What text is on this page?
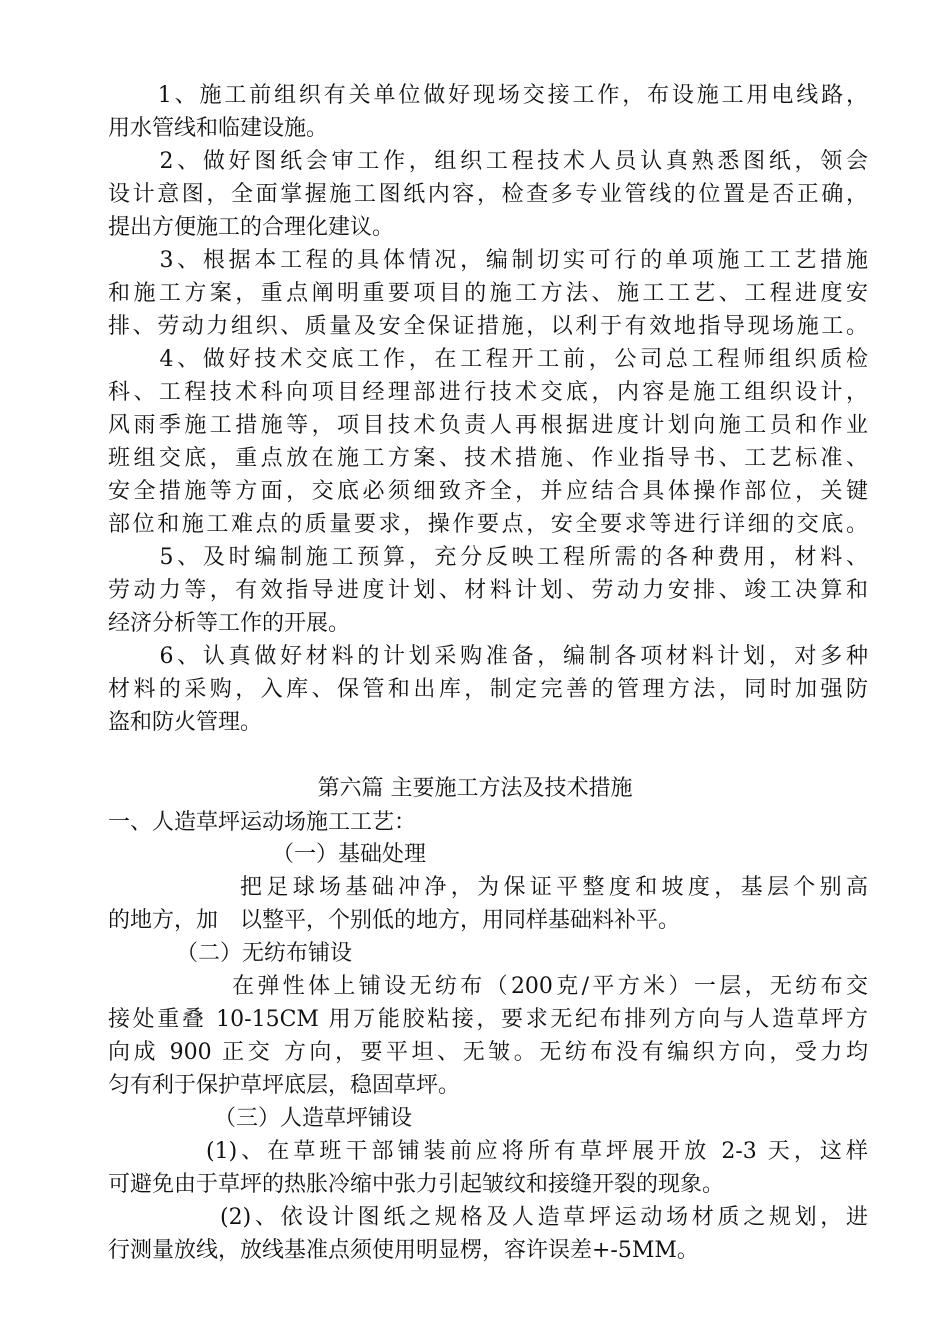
　　1、施工前组织有关单位做好现场交接工作，布设施工用电线路，
用水管线和临建设施。
　　2、做好图纸会审工作，组织工程技术人员认真熟悉图纸，领会
设计意图，全面掌握施工图纸内容，检查多专业管线的位置是否正确，
提出方便施工的合理化建议。
　　3、根据本工程的具体情况，编制切实可行的单项施工工艺措施
和施工方案，重点阐明重要项目的施工方法、施工工艺、工程进度安
排、劳动力组织、质量及安全保证措施，以利于有效地指导现场施工。
　　4、做好技术交底工作，在工程开工前，公司总工程师组织质检
科、工程技术科向项目经理部进行技术交底，内容是施工组织设计，
风雨季施工措施等，项目技术负责人再根据进度计划向施工员和作业
班组交底，重点放在施工方案、技术措施、作业指导书、工艺标准、
安全措施等方面，交底必须细致齐全，并应结合具体操作部位，关键
部位和施工难点的质量要求，操作要点，安全要求等进行详细的交底。
　　5、及时编制施工预算，充分反映工程所需的各种费用，材料、
劳动力等，有效指导进度计划、材料计划、劳动力安排、竣工决算和
经济分析等工作的开展。
　　6、认真做好材料的计划采购准备，编制各项材料计划，对多种
材料的采购，入库、保管和出库，制定完善的管理方法，同时加强防
盗和防火管理。
第六篇 主要施工方法及技术措施
一、人造草坪运动场施工工艺：
（一）基础处理
把足球场基础冲净，为保证平整度和坡度，基层个别高
的地方，加　以整平，个别低的地方，用同样基础料补平。
（二）无纺布铺设
在弹性体上铺设无纺布（200克/平方米）一层，无纺布交
接处重叠 10-15CM 用万能胶粘接，要求无纪布排列方向与人造草坪方
向成 900 正交 方向，要平坦、无皱。无纺布没有编织方向，受力均
匀有利于保护草坪底层，稳固草坪。
（三）人造草坪铺设
(1)、在草班干部铺装前应将所有草坪展开放 2-3 天，这样
可避免由于草坪的热胀冷缩中张力引起皱纹和接缝开裂的现象。
(2)、依设计图纸之规格及人造草坪运动场材质之规划，进
行测量放线，放线基准点须使用明显楞，容许误差+-5MM。
